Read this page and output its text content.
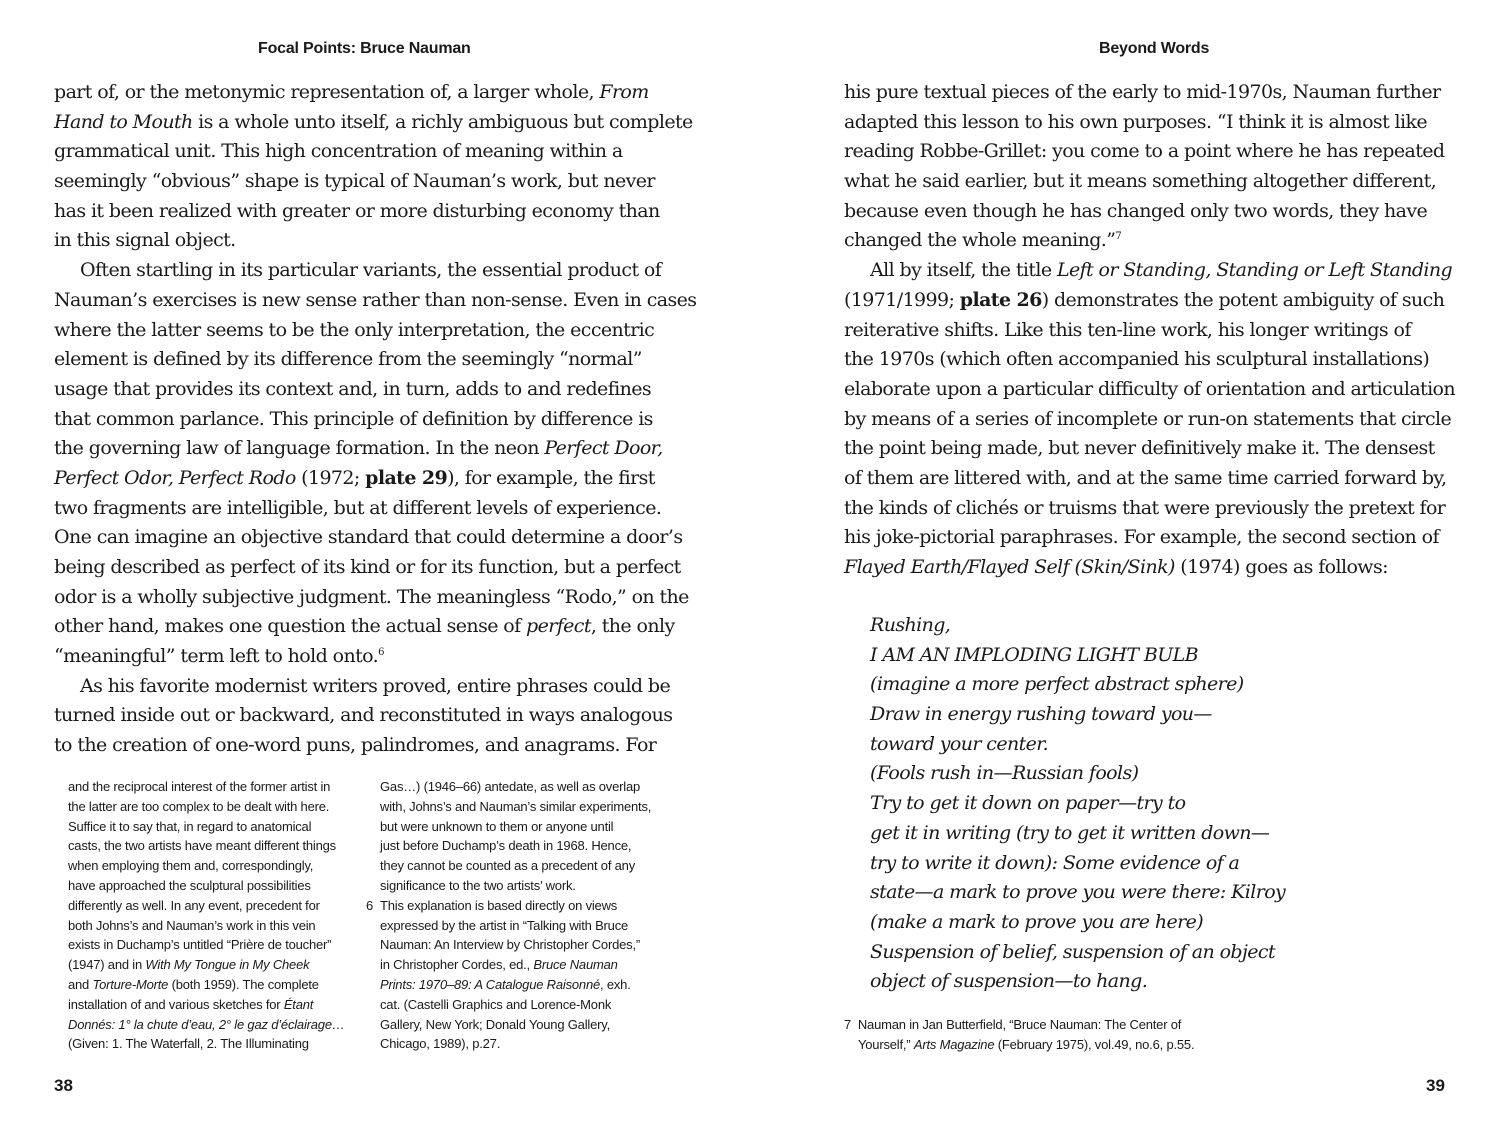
Focal Points: Bruce Nauman
part of, or the metonymic representation of, a larger whole, From
Hand to Mouth is a whole unto itself, a richly ambiguous but complete
grammatical unit. This high concentration of meaning within a
seemingly “obvious” shape is typical of Nauman’s work, but never
has it been realized with greater or more disturbing economy than
in this signal object.
Often startling in its particular variants, the essential product of
Nauman’s exercises is new sense rather than non-sense. Even in cases
where the latter seems to be the only interpretation, the eccentric
element is defined by its difference from the seemingly “normal”
usage that provides its context and, in turn, adds to and redefines
that common parlance. This principle of definition by difference is
the governing law of language formation. In the neon Perfect Door,
Perfect Odor, Perfect Rodo (1972; plate 29), for example, the first
two fragments are intelligible, but at different levels of experience.
One can imagine an objective standard that could determine a door’s
being described as perfect of its kind or for its function, but a perfect
odor is a wholly subjective judgment. The meaningless “Rodo,” on the
other hand, makes one question the actual sense of perfect, the only
“meaningful” term left to hold onto.$^6$
As his favorite modernist writers proved, entire phrases could be
turned inside out or backward, and reconstituted in ways analogous
to the creation of one-word puns, palindromes, and anagrams. For
and the reciprocal interest of the former artist in
the latter are too complex to be dealt with here.
Suffice it to say that, in regard to anatomical
casts, the two artists have meant different things
when employing them and, correspondingly,
have approached the sculptural possibilities
differently as well. In any event, precedent for
both Johns’s and Nauman’s work in this vein
exists in Duchamp’s untitled “Prière de toucher”
(1947) and in With My Tongue in My Cheek
and Torture-Morte (both 1959). The complete
installation of and various sketches for Étant
Donnés: 1° la chute d’eau, 2° le gaz d’éclairage…
(Given: 1. The Waterfall, 2. The Illuminating
Gas…) (1946–66) antedate, as well as overlap
with, Johns’s and Nauman’s similar experiments,
but were unknown to them or anyone until
just before Duchamp’s death in 1968. Hence,
they cannot be counted as a precedent of any
significance to the two artists’ work.
6 This explanation is based directly on views
expressed by the artist in “Talking with Bruce
Nauman: An Interview by Christopher Cordes,”
in Christopher Cordes, ed., Bruce Nauman
Prints: 1970–89: A Catalogue Raisonné, exh.
cat. (Castelli Graphics and Lorence-Monk
Gallery, New York; Donald Young Gallery,
Chicago, 1989), p.27.
38
Beyond Words
his pure textual pieces of the early to mid-1970s, Nauman further
adapted this lesson to his own purposes. “I think it is almost like
reading Robbe-Grillet: you come to a point where he has repeated
what he said earlier, but it means something altogether different,
because even though he has changed only two words, they have
changed the whole meaning.”$^7$
All by itself, the title Left or Standing, Standing or Left Standing
(1971/1999; plate 26) demonstrates the potent ambiguity of such
reiterative shifts. Like this ten-line work, his longer writings of
the 1970s (which often accompanied his sculptural installations)
elaborate upon a particular difficulty of orientation and articulation
by means of a series of incomplete or run-on statements that circle
the point being made, but never definitively make it. The densest
of them are littered with, and at the same time carried forward by,
the kinds of clichés or truisms that were previously the pretext for
his joke-pictorial paraphrases. For example, the second section of
Flayed Earth/Flayed Self (Skin/Sink) (1974) goes as follows:
Rushing,
I AM AN IMPLODING LIGHT BULB
(imagine a more perfect abstract sphere)
Draw in energy rushing toward you—
toward your center.
(Fools rush in—Russian fools)
Try to get it down on paper—try to
get it in writing (try to get it written down—
try to write it down): Some evidence of a
state—a mark to prove you were there: Kilroy
(make a mark to prove you are here)
Suspension of belief, suspension of an object
object of suspension—to hang.
7 Nauman in Jan Butterfield, “Bruce Nauman: The Center of
Yourself,” Arts Magazine (February 1975), vol.49, no.6, p.55.
39
